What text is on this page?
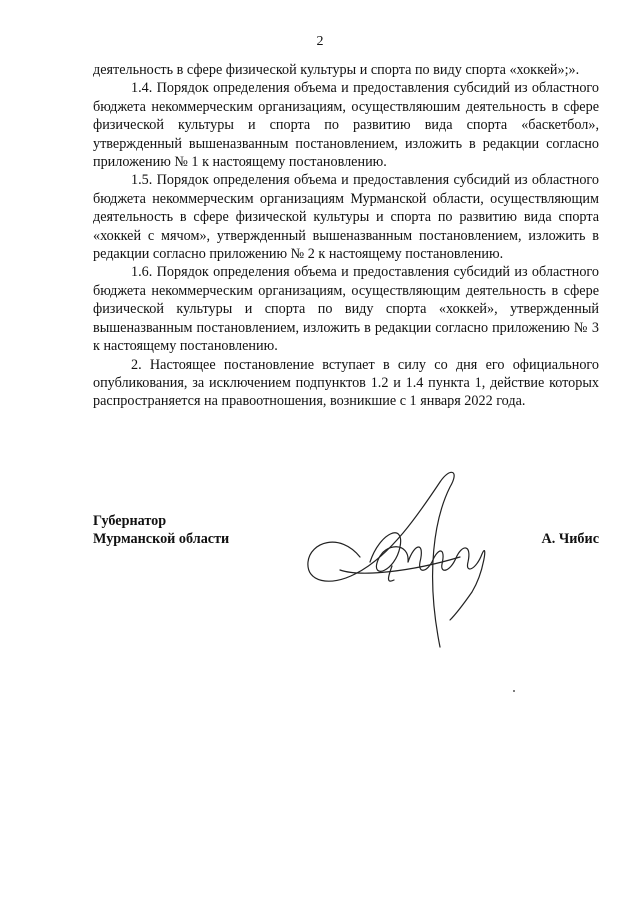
2

деятельность в сфере физической культуры и спорта по виду спорта «хоккей»;».

1.4. Порядок определения объема и предоставления субсидий из областного бюджета некоммерческим организациям, осуществляюшим деятельность в сфере физической культуры и спорта по развитию вида спорта «баскетбол», утвержденный вышеназванным постановлением, изложить в редакции согласно приложению № 1 к настоящему постановлению.

1.5. Порядок определения объема и предоставления субсидий из областного бюджета некоммерческим организациям Мурманской области, осуществляющим деятельность в сфере физической культуры и спорта по развитию вида спорта «хоккей с мячом», утвержденный вышеназванным постановлением, изложить в редакции согласно приложению № 2 к настоящему постановлению.

1.6. Порядок определения объема и предоставления субсидий из областного бюджета некоммерческим организациям, осуществляющим деятельность в сфере физической культуры и спорта по виду спорта «хоккей», утвержденный вышеназванным постановлением, изложить в редакции согласно приложению № 3 к настоящему постановлению.

2. Настоящее постановление вступает в силу со дня его официального опубликования, за исключением подпунктов 1.2 и 1.4 пункта 1, действие которых распространяется на правоотношения, возникшие с 1 января 2022 года.

Губернатор
Мурманской области	А. Чибис
